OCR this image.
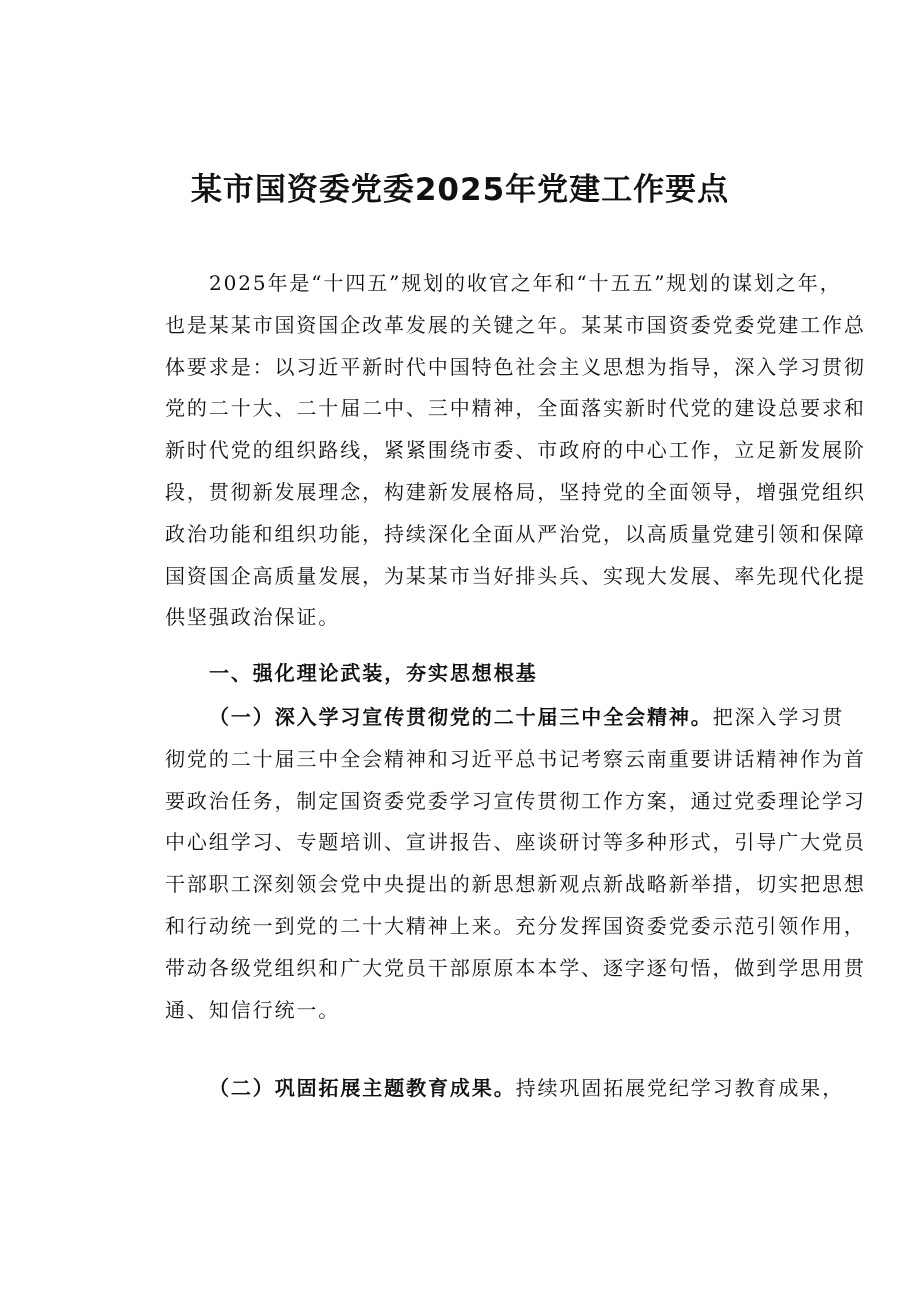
某市国资委党委2025年党建工作要点
2025年是“十四五”规划的收官之年和“十五五”规划的谋划之年，
也是某某市国资国企改革发展的关键之年。某某市国资委党委党建工作总
体要求是：以习近平新时代中国特色社会主义思想为指导，深入学习贯彻
党的二十大、二十届二中、三中精神，全面落实新时代党的建设总要求和
新时代党的组织路线，紧紧围绕市委、市政府的中心工作，立足新发展阶
段，贯彻新发展理念，构建新发展格局，坚持党的全面领导，增强党组织
政治功能和组织功能，持续深化全面从严治党，以高质量党建引领和保障
国资国企高质量发展，为某某市当好排头兵、实现大发展、率先现代化提
供坚强政治保证。
一、强化理论武装，夯实思想根基
（一）深入学习宣传贯彻党的二十届三中全会精神。把深入学习贯
彻党的二十届三中全会精神和习近平总书记考察云南重要讲话精神作为首
要政治任务，制定国资委党委学习宣传贯彻工作方案，通过党委理论学习
中心组学习、专题培训、宣讲报告、座谈研讨等多种形式，引导广大党员
干部职工深刻领会党中央提出的新思想新观点新战略新举措，切实把思想
和行动统一到党的二十大精神上来。充分发挥国资委党委示范引领作用，
带动各级党组织和广大党员干部原原本本学、逐字逐句悟，做到学思用贯
通、知信行统一。
（二）巩固拓展主题教育成果。持续巩固拓展党纪学习教育成果，
